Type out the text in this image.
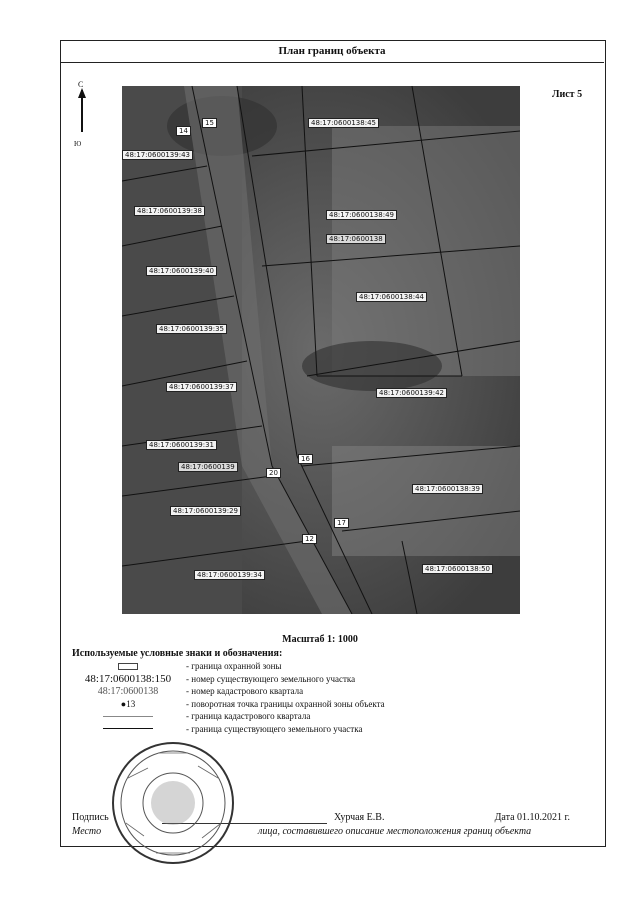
План границ объекта
Лист 5
С
Ю
48:17:0600138:45
48:17:0600139:43
48:17:0600139:38	48:17:0600138:49
48:17:0600138
48:17:0600139:40
48:17:0600138:44
48:17:0600139:35
48:17:0600139:37
48:17:0600139:42
48:17:0600139:31
48:17:0600139
48:17:0600138:39
48:17:0600139:29
48:17:0600138:50
48:17:0600139:34
14
15
16
20
17
12
Масштаб 1: 1000
Используемые условные знаки и обозначения:
- граница охранной зоны
48:17:0600138:150 - номер существующего земельного участка
48:17:0600138	- номер кадастрового квартала
● 13	- поворотная точка границы охранной зоны объекта
- граница кадастрового квартала
- граница существующего земельного участка
Подпись	Хурчая Е.В.	Дата 01.10.2021 г.
Место	лица, составившего описание местоположения границ объекта
